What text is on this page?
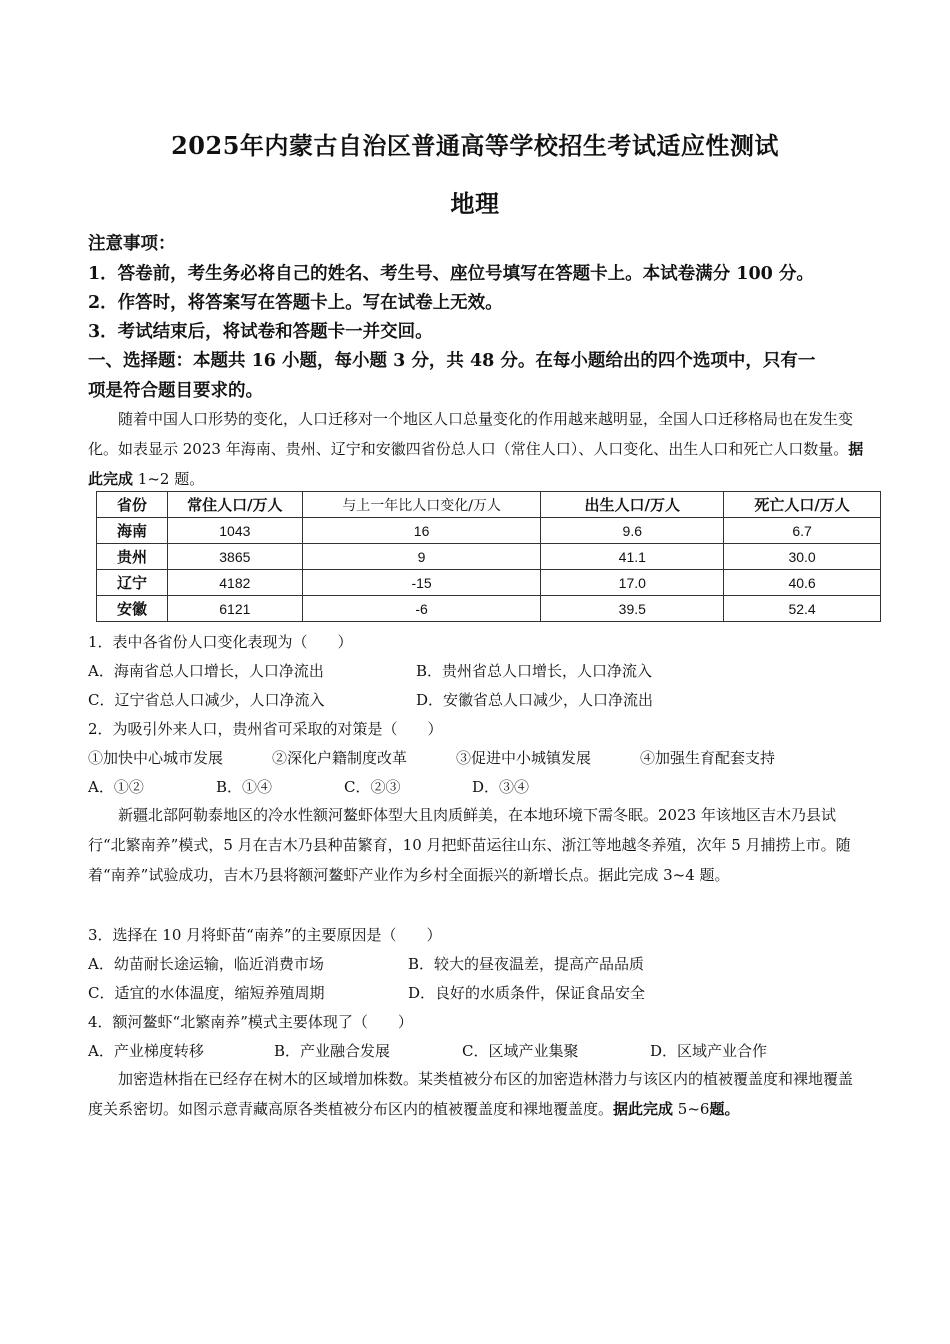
2025年内蒙古自治区普通高等学校招生考试适应性测试
地理
注意事项：
1．答卷前，考生务必将自己的姓名、考生号、座位号填写在答题卡上。本试卷满分 100 分。
2．作答时，将答案写在答题卡上。写在试卷上无效。
3．考试结束后，将试卷和答题卡一并交回。
一、选择题：本题共 16 小题，每小题 3 分，共 48 分。在每小题给出的四个选项中，只有一
项是符合题目要求的。
随着中国人口形势的变化，人口迁移对一个地区人口总量变化的作用越来越明显，全国人口迁移格局也在发生变化。如表显示 2023 年海南、贵州、辽宁和安徽四省份总人口（常住人口）、人口变化、出生人口和死亡人口数量。据此完成 1~2 题。
省份	常住人口/万人	与上一年比人口变化/万人	出生人口/万人	死亡人口/万人
海南	1043	16	9.6	6.7
贵州	3865	9	41.1	30.0
辽宁	4182	-15	17.0	40.6
安徽	6121	-6	39.5	52.4
1．表中各省份人口变化表现为（　　）
A．海南省总人口增长，人口净流出	B．贵州省总人口增长，人口净流入
C．辽宁省总人口减少，人口净流入	D．安徽省总人口减少，人口净流出
2．为吸引外来人口，贵州省可采取的对策是（　　）
①加快中心城市发展	②深化户籍制度改革	③促进中小城镇发展	④加强生育配套支持
A．①②	B．①④	C．②③	D．③④
新疆北部阿勒泰地区的冷水性额河鳌虾体型大且肉质鲜美，在本地环境下需冬眠。2023 年该地区吉木乃县试行“北繁南养”模式，5 月在吉木乃县种苗繁育，10 月把虾苗运往山东、浙江等地越冬养殖，次年 5 月捕捞上市。随着“南养”试验成功，吉木乃县将额河鳌虾产业作为乡村全面振兴的新增长点。据此完成 3~4 题。
3．选择在 10 月将虾苗“南养”的主要原因是（　　）
A．幼苗耐长途运输，临近消费市场	B．较大的昼夜温差，提高产品品质
C．适宜的水体温度，缩短养殖周期	D．良好的水质条件，保证食品安全
4．额河鳌虾“北繁南养”模式主要体现了（　　）
A．产业梯度转移	B．产业融合发展	C．区域产业集聚	D．区域产业合作
加密造林指在已经存在树木的区域增加株数。某类植被分布区的加密造林潜力与该区内的植被覆盖度和裸地覆盖度关系密切。如图示意青藏高原各类植被分布区内的植被覆盖度和裸地覆盖度。据此完成 5~6题。
